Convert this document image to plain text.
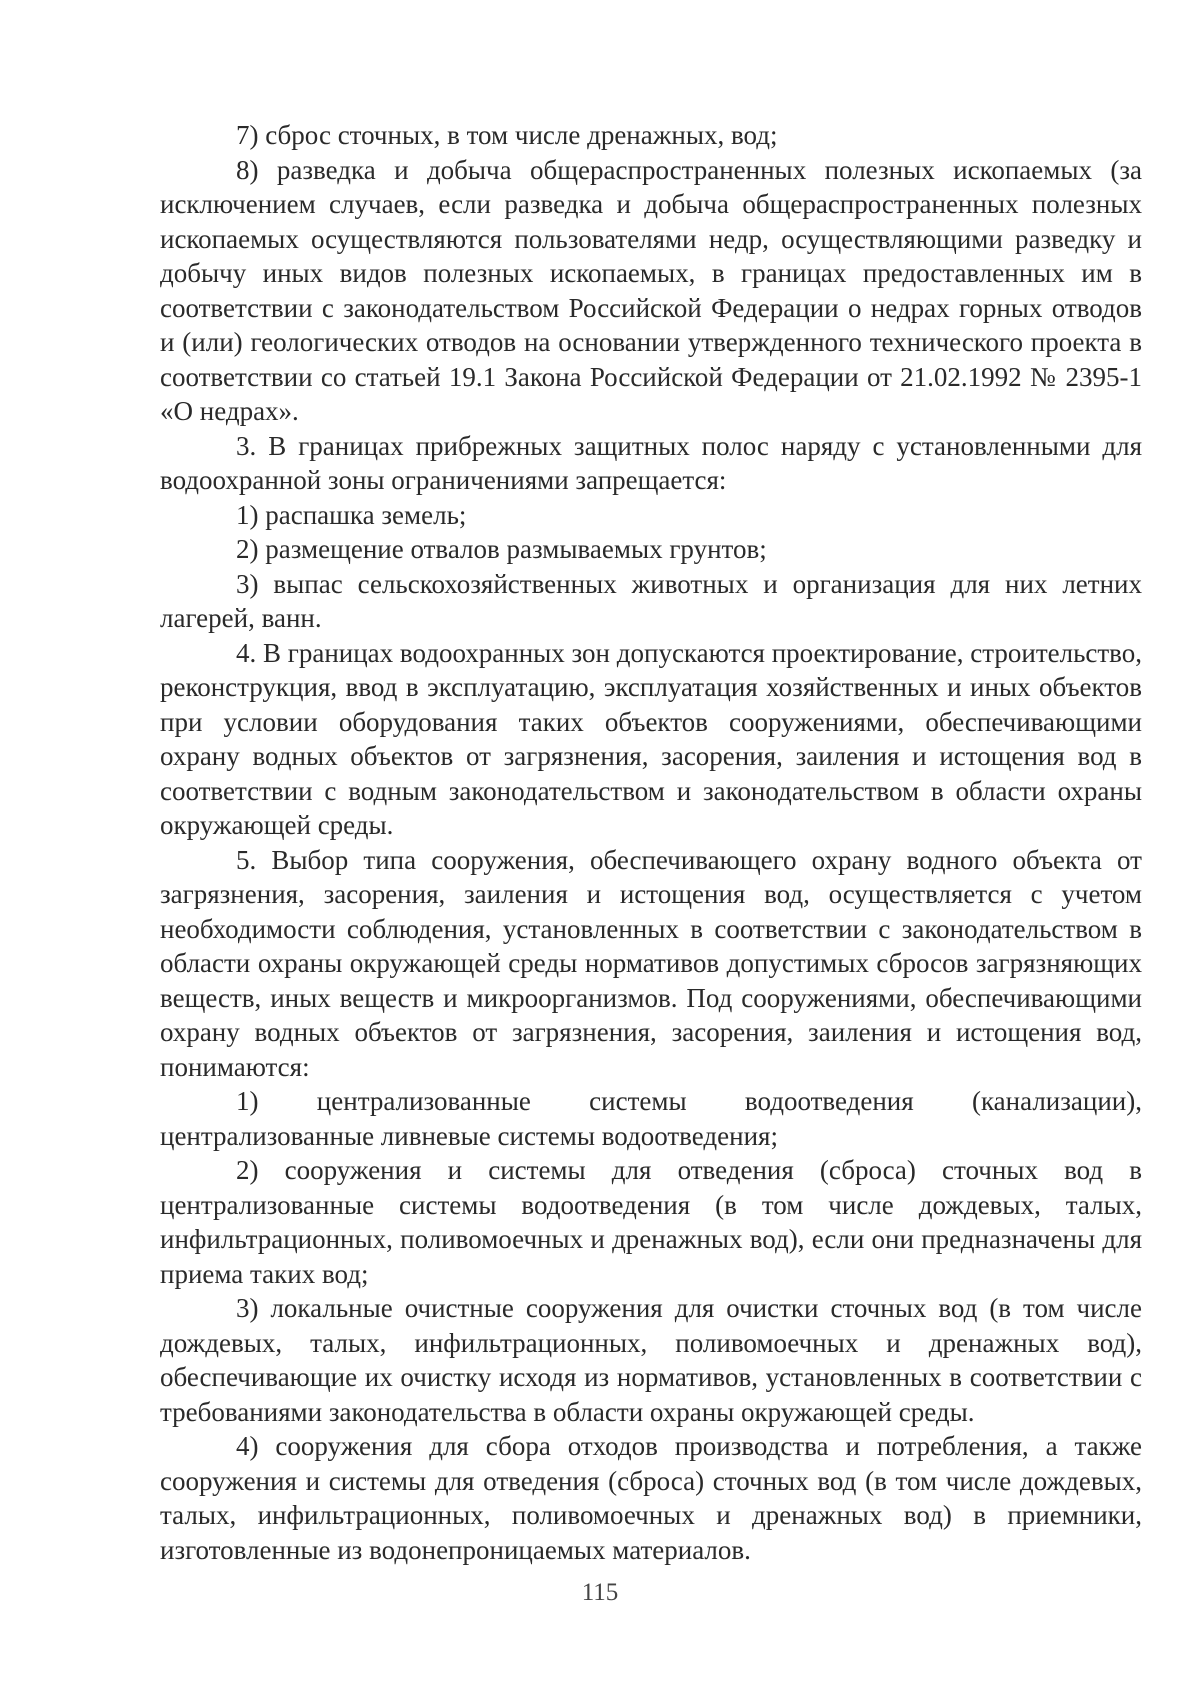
7) сброс сточных, в том числе дренажных, вод;

8) разведка и добыча общераспространенных полезных ископаемых (за исключением случаев, если разведка и добыча общераспространенных полезных ископаемых осуществляются пользователями недр, осуществляющими разведку и добычу иных видов полезных ископаемых, в границах предоставленных им в соответствии с законодательством Российской Федерации о недрах горных отводов и (или) геологических отводов на основании утвержденного технического проекта в соответствии со статьей 19.1 Закона Российской Федерации от 21.02.1992 № 2395-1 «О недрах».

3. В границах прибрежных защитных полос наряду с установленными для водоохранной зоны ограничениями запрещается:

1) распашка земель;

2) размещение отвалов размываемых грунтов;

3) выпас сельскохозяйственных животных и организация для них летних лагерей, ванн.

4. В границах водоохранных зон допускаются проектирование, строительство, реконструкция, ввод в эксплуатацию, эксплуатация хозяйственных и иных объектов при условии оборудования таких объектов сооружениями, обеспечивающими охрану водных объектов от загрязнения, засорения, заиления и истощения вод в соответствии с водным законодательством и законодательством в области охраны окружающей среды.

5. Выбор типа сооружения, обеспечивающего охрану водного объекта от загрязнения, засорения, заиления и истощения вод, осуществляется с учетом необходимости соблюдения, установленных в соответствии с законодательством в области охраны окружающей среды нормативов допустимых сбросов загрязняющих веществ, иных веществ и микроорганизмов. Под сооружениями, обеспечивающими охрану водных объектов от загрязнения, засорения, заиления и истощения вод, понимаются:

1) централизованные системы водоотведения (канализации), централизованные ливневые системы водоотведения;

2) сооружения и системы для отведения (сброса) сточных вод в централизованные системы водоотведения (в том числе дождевых, талых, инфильтрационных, поливомоечных и дренажных вод), если они предназначены для приема таких вод;

3) локальные очистные сооружения для очистки сточных вод (в том числе дождевых, талых, инфильтрационных, поливомоечных и дренажных вод), обеспечивающие их очистку исходя из нормативов, установленных в соответствии с требованиями законодательства в области охраны окружающей среды.

4) сооружения для сбора отходов производства и потребления, а также сооружения и системы для отведения (сброса) сточных вод (в том числе дождевых, талых, инфильтрационных, поливомоечных и дренажных вод) в приемники, изготовленные из водонепроницаемых материалов.

115
